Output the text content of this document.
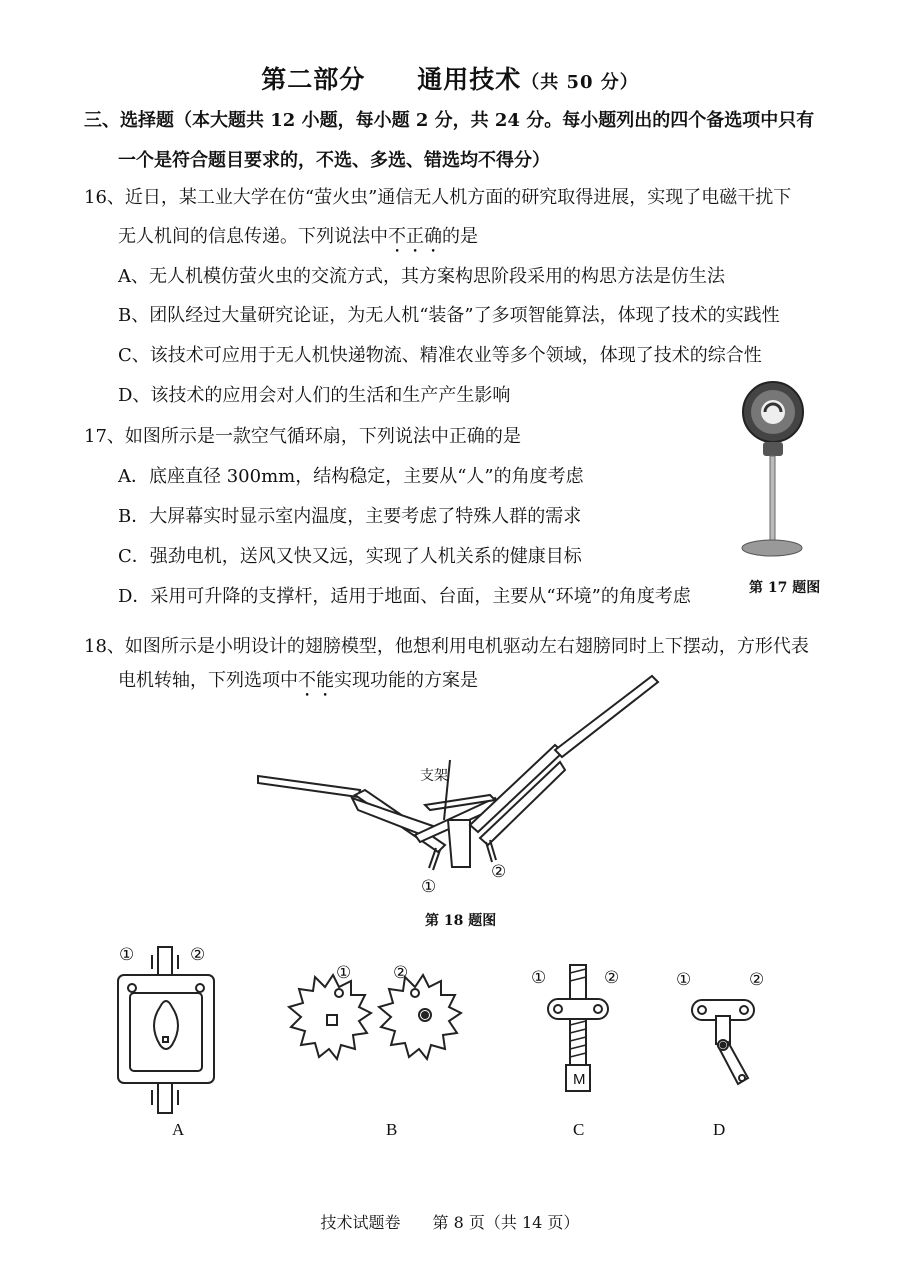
第二部分　　通用技术（共 50 分）
三、选择题（本大题共 12 小题，每小题 2 分，共 24 分。每小题列出的四个备选项中只有
一个是符合题目要求的，不选、多选、错选均不得分）
16、近日，某工业大学在仿“萤火虫”通信无人机方面的研究取得进展，实现了电磁干扰下
无人机间的信息传递。下列说法中不正确的是
A、无人机模仿萤火虫的交流方式，其方案构思阶段采用的构思方法是仿生法
B、团队经过大量研究论证，为无人机“装备”了多项智能算法，体现了技术的实践性
C、该技术可应用于无人机快递物流、精准农业等多个领域，体现了技术的综合性
D、该技术的应用会对人们的生活和生产产生影响
17、如图所示是一款空气循环扇，下列说法中正确的是
A．底座直径 300mm，结构稳定，主要从“人”的角度考虑
B．大屏幕实时显示室内温度，主要考虑了特殊人群的需求
C．强劲电机，送风又快又远，实现了人机关系的健康目标
D．采用可升降的支撑杆，适用于地面、台面，主要从“环境”的角度考虑	第 17 题图
18、如图所示是小明设计的翅膀模型，他想利用电机驱动左右翅膀同时上下摆动，方形代表
电机转轴，下列选项中不能实现功能的方案是
支架
①
②
第 18 题图
①	②
① ②
M
①	②	①	②
A	B	C	D
技术试题卷　　第 8 页（共 14 页）
